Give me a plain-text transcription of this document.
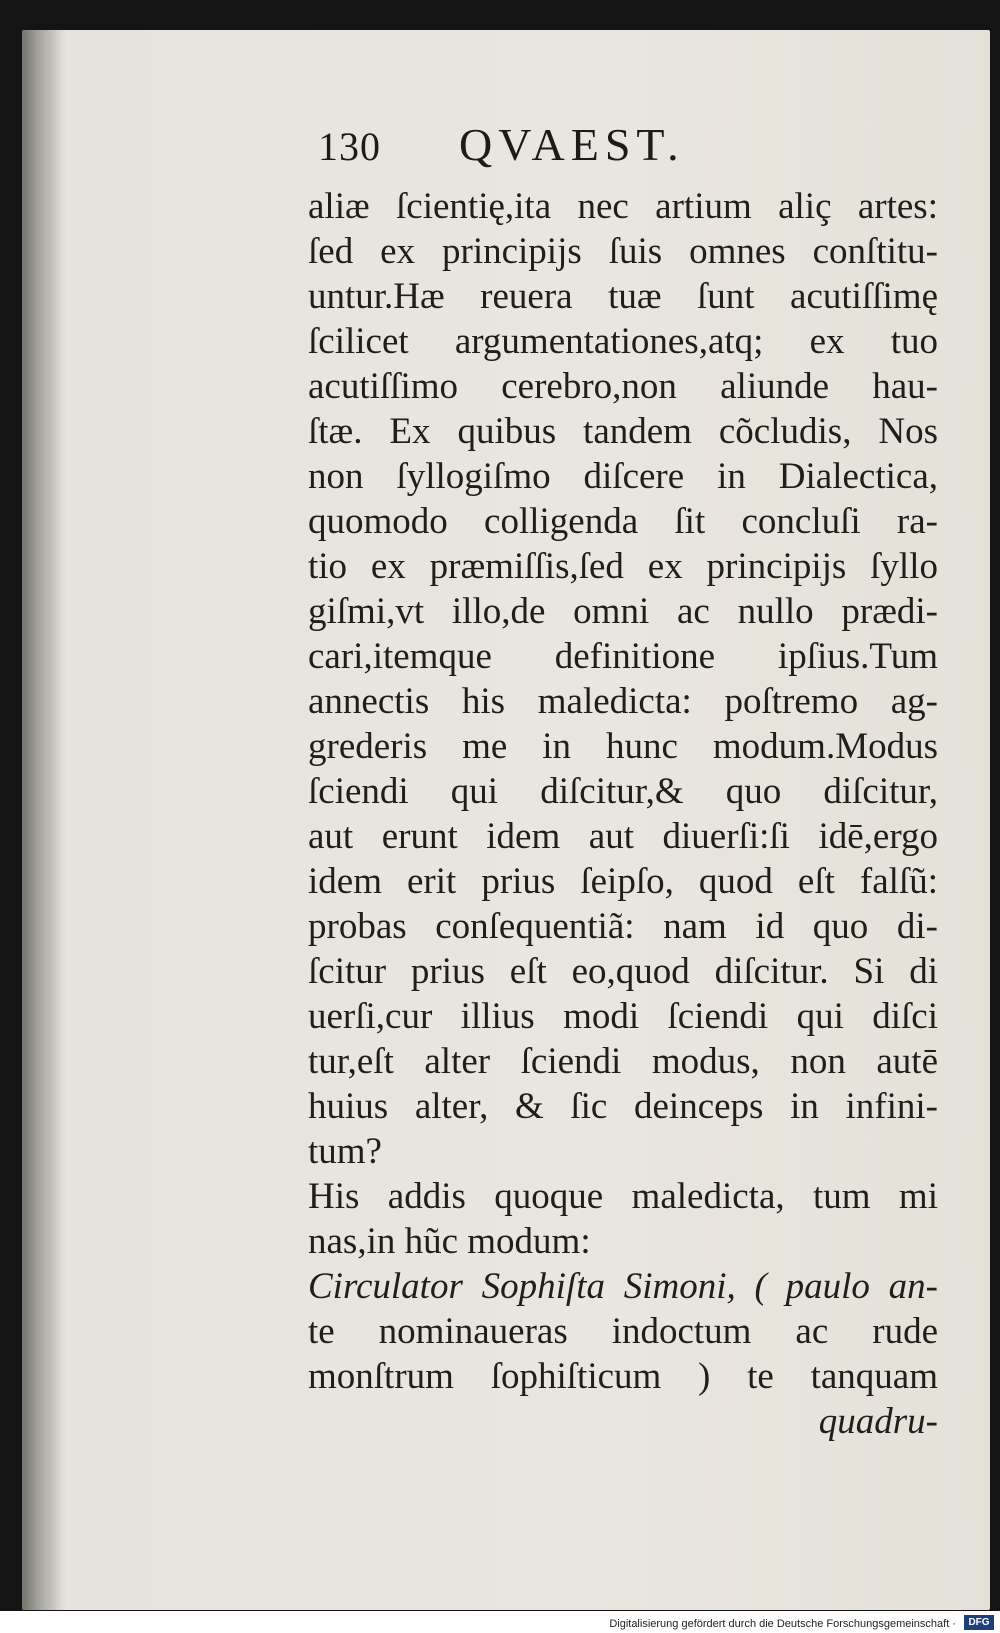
130 QVAEST.
aliæ ſcientię,ita nec artium aliç artes:
ſed ex principijs ſuis omnes conſtitu-
untur.Hæ reuera tuæ ſunt acutiſſimę
ſcilicet argumentationes,atq; ex tuo
acutiſſimo cerebro,non aliunde hau-
ſtæ. Ex quibus tandem cõcludis, Nos
non ſyllogiſmo diſcere in Dialectica,
quomodo colligenda ſit concluſi ra-
tio ex præmiſſis,ſed ex principijs ſyllo
giſmi,vt illo,de omni ac nullo prædi-
cari,itemque definitione ipſius.Tum
annectis his maledicta: poſtremo ag-
grederis me in hunc modum.Modus
ſciendi qui diſcitur,& quo diſcitur,
aut erunt idem aut diuerſi:ſi idē,ergo
idem erit prius ſeipſo, quod eſt falſũ:
probas conſequentiã: nam id quo di-
ſcitur prius eſt eo,quod diſcitur. Si di
uerſi,cur illius modi ſciendi qui diſci
tur,eſt alter ſciendi modus, non autē
huius alter, & ſic deinceps in infini-
tum?
His addis quoque maledicta, tum mi
nas,in hũc modum:
Circulator Sophiſta Simoni, ( paulo an-
te nominaueras indoctum ac rude
monſtrum ſophiſticum ) te tanquam
quadru-
Digitalisierung gefördert durch die Deutsche Forschungsgemeinschaft ·	DFG
